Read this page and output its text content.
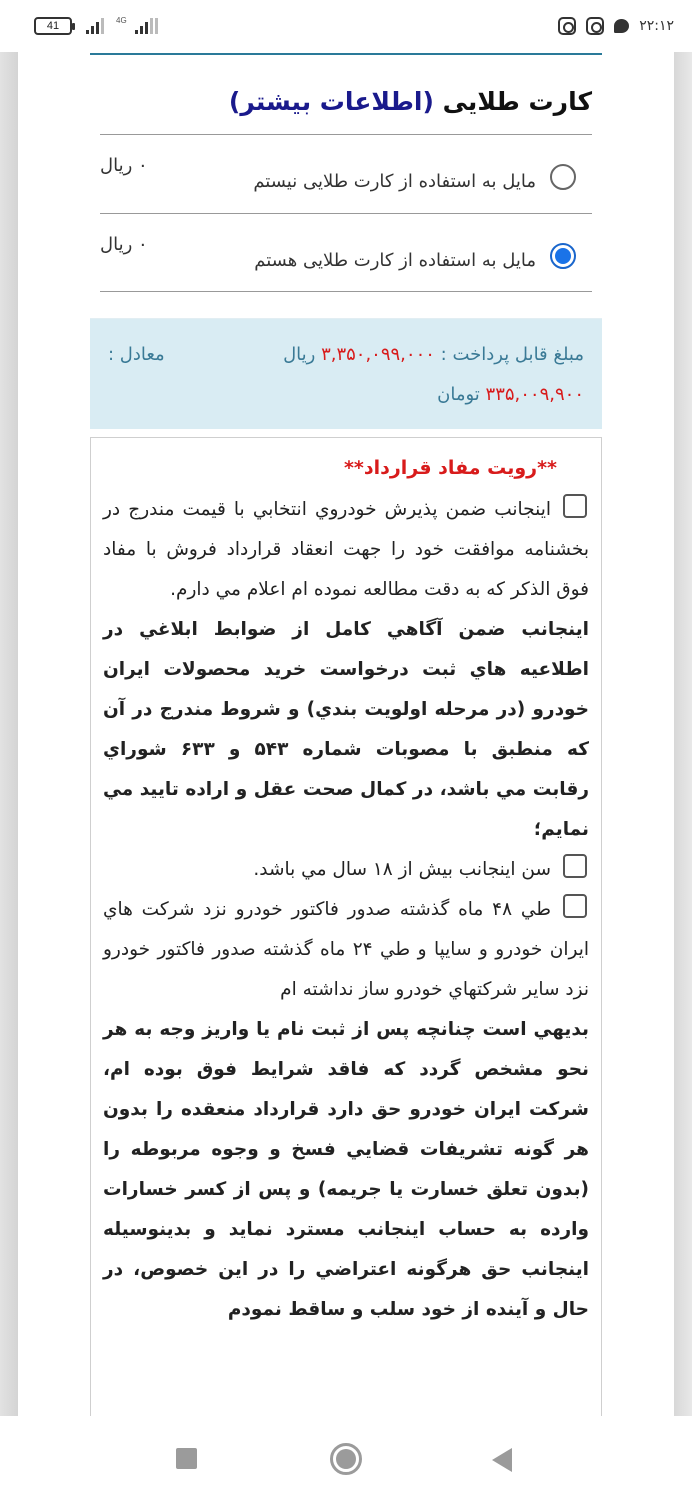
41	4G	۲۲:۱۲
کارت طلایی (اطلاعات بیشتر)
مایل به استفاده از کارت طلایی نیستم
۰ ریال
مایل به استفاده از کارت طلایی هستم
۰ ریال
مبلغ قابل پرداخت : ۳,۳۵۰,۰۹۹,۰۰۰ ریال
معادل :
۳۳۵,۰۰۹,۹۰۰ تومان
**رویت مفاد قرارداد**
اینجانب ضمن پذيرش خودروي انتخابي با قيمت مندرج در بخشنامه موافقت خود را جهت انعقاد قرارداد فروش با مفاد فوق الذکر که به دقت مطالعه نموده ام اعلام مي دارم.
اینجانب ضمن آگاهي کامل از ضوابط ابلاغي در اطلاعيه هاي ثبت درخواست خريد محصولات ايران خودرو (در مرحله اولويت بندي) و شروط مندرج در آن که منطبق با مصوبات شماره ۵۴۳ و ۶۳۳ شوراي رقابت مي باشد، در کمال صحت عقل و اراده تاييد مي نمايم؛
سن اينجانب بيش از ۱۸ سال مي باشد.
طي ۴۸ ماه گذشته صدور فاکتور خودرو نزد شرکت هاي ايران خودرو و سايپا و طي ۲۴ ماه گذشته صدور فاکتور خودرو نزد ساير شرکتهاي خودرو ساز نداشته ام
بديهي است چنانچه پس از ثبت نام يا واريز وجه به هر نحو مشخص گردد که فاقد شرايط فوق بوده ام، شرکت ايران خودرو حق دارد قرارداد منعقده را بدون هر گونه تشريفات قضايي فسخ و وجوه مربوطه را (بدون تعلق خسارت يا جريمه) و پس از کسر خسارات وارده به حساب اينجانب مسترد نمايد و بدينوسيله اينجانب حق هرگونه اعتراضي را در اين خصوص، در حال و آينده از خود سلب و ساقط نمودم
